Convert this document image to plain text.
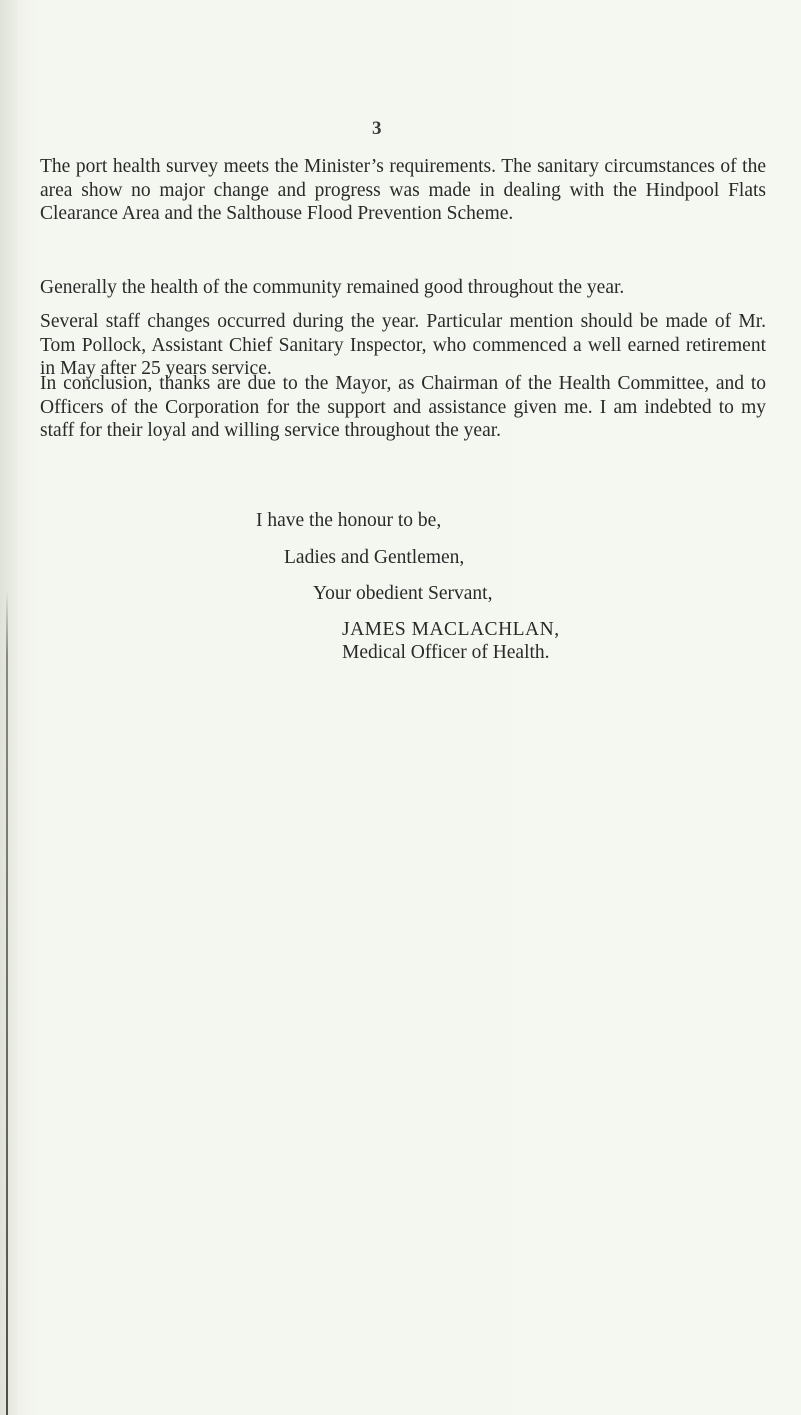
3

The port health survey meets the Minister’s requirements. The sanitary circumstances of the area show no major change and progress was made in dealing with the Hindpool Flats Clearance Area and the Salthouse Flood Prevention Scheme.

Generally the health of the community remained good throughout the year.

Several staff changes occurred during the year. Particular mention should be made of Mr. Tom Pollock, Assistant Chief Sanitary Inspector, who commenced a well earned retirement in May after 25 years service.

In conclusion, thanks are due to the Mayor, as Chairman of the Health Committee, and to Officers of the Corporation for the support and assistance given me. I am indebted to my staff for their loyal and willing service throughout the year.

I have the honour to be,
Ladies and Gentlemen,
Your obedient Servant,
JAMES MACLACHLAN,
Medical Officer of Health.
